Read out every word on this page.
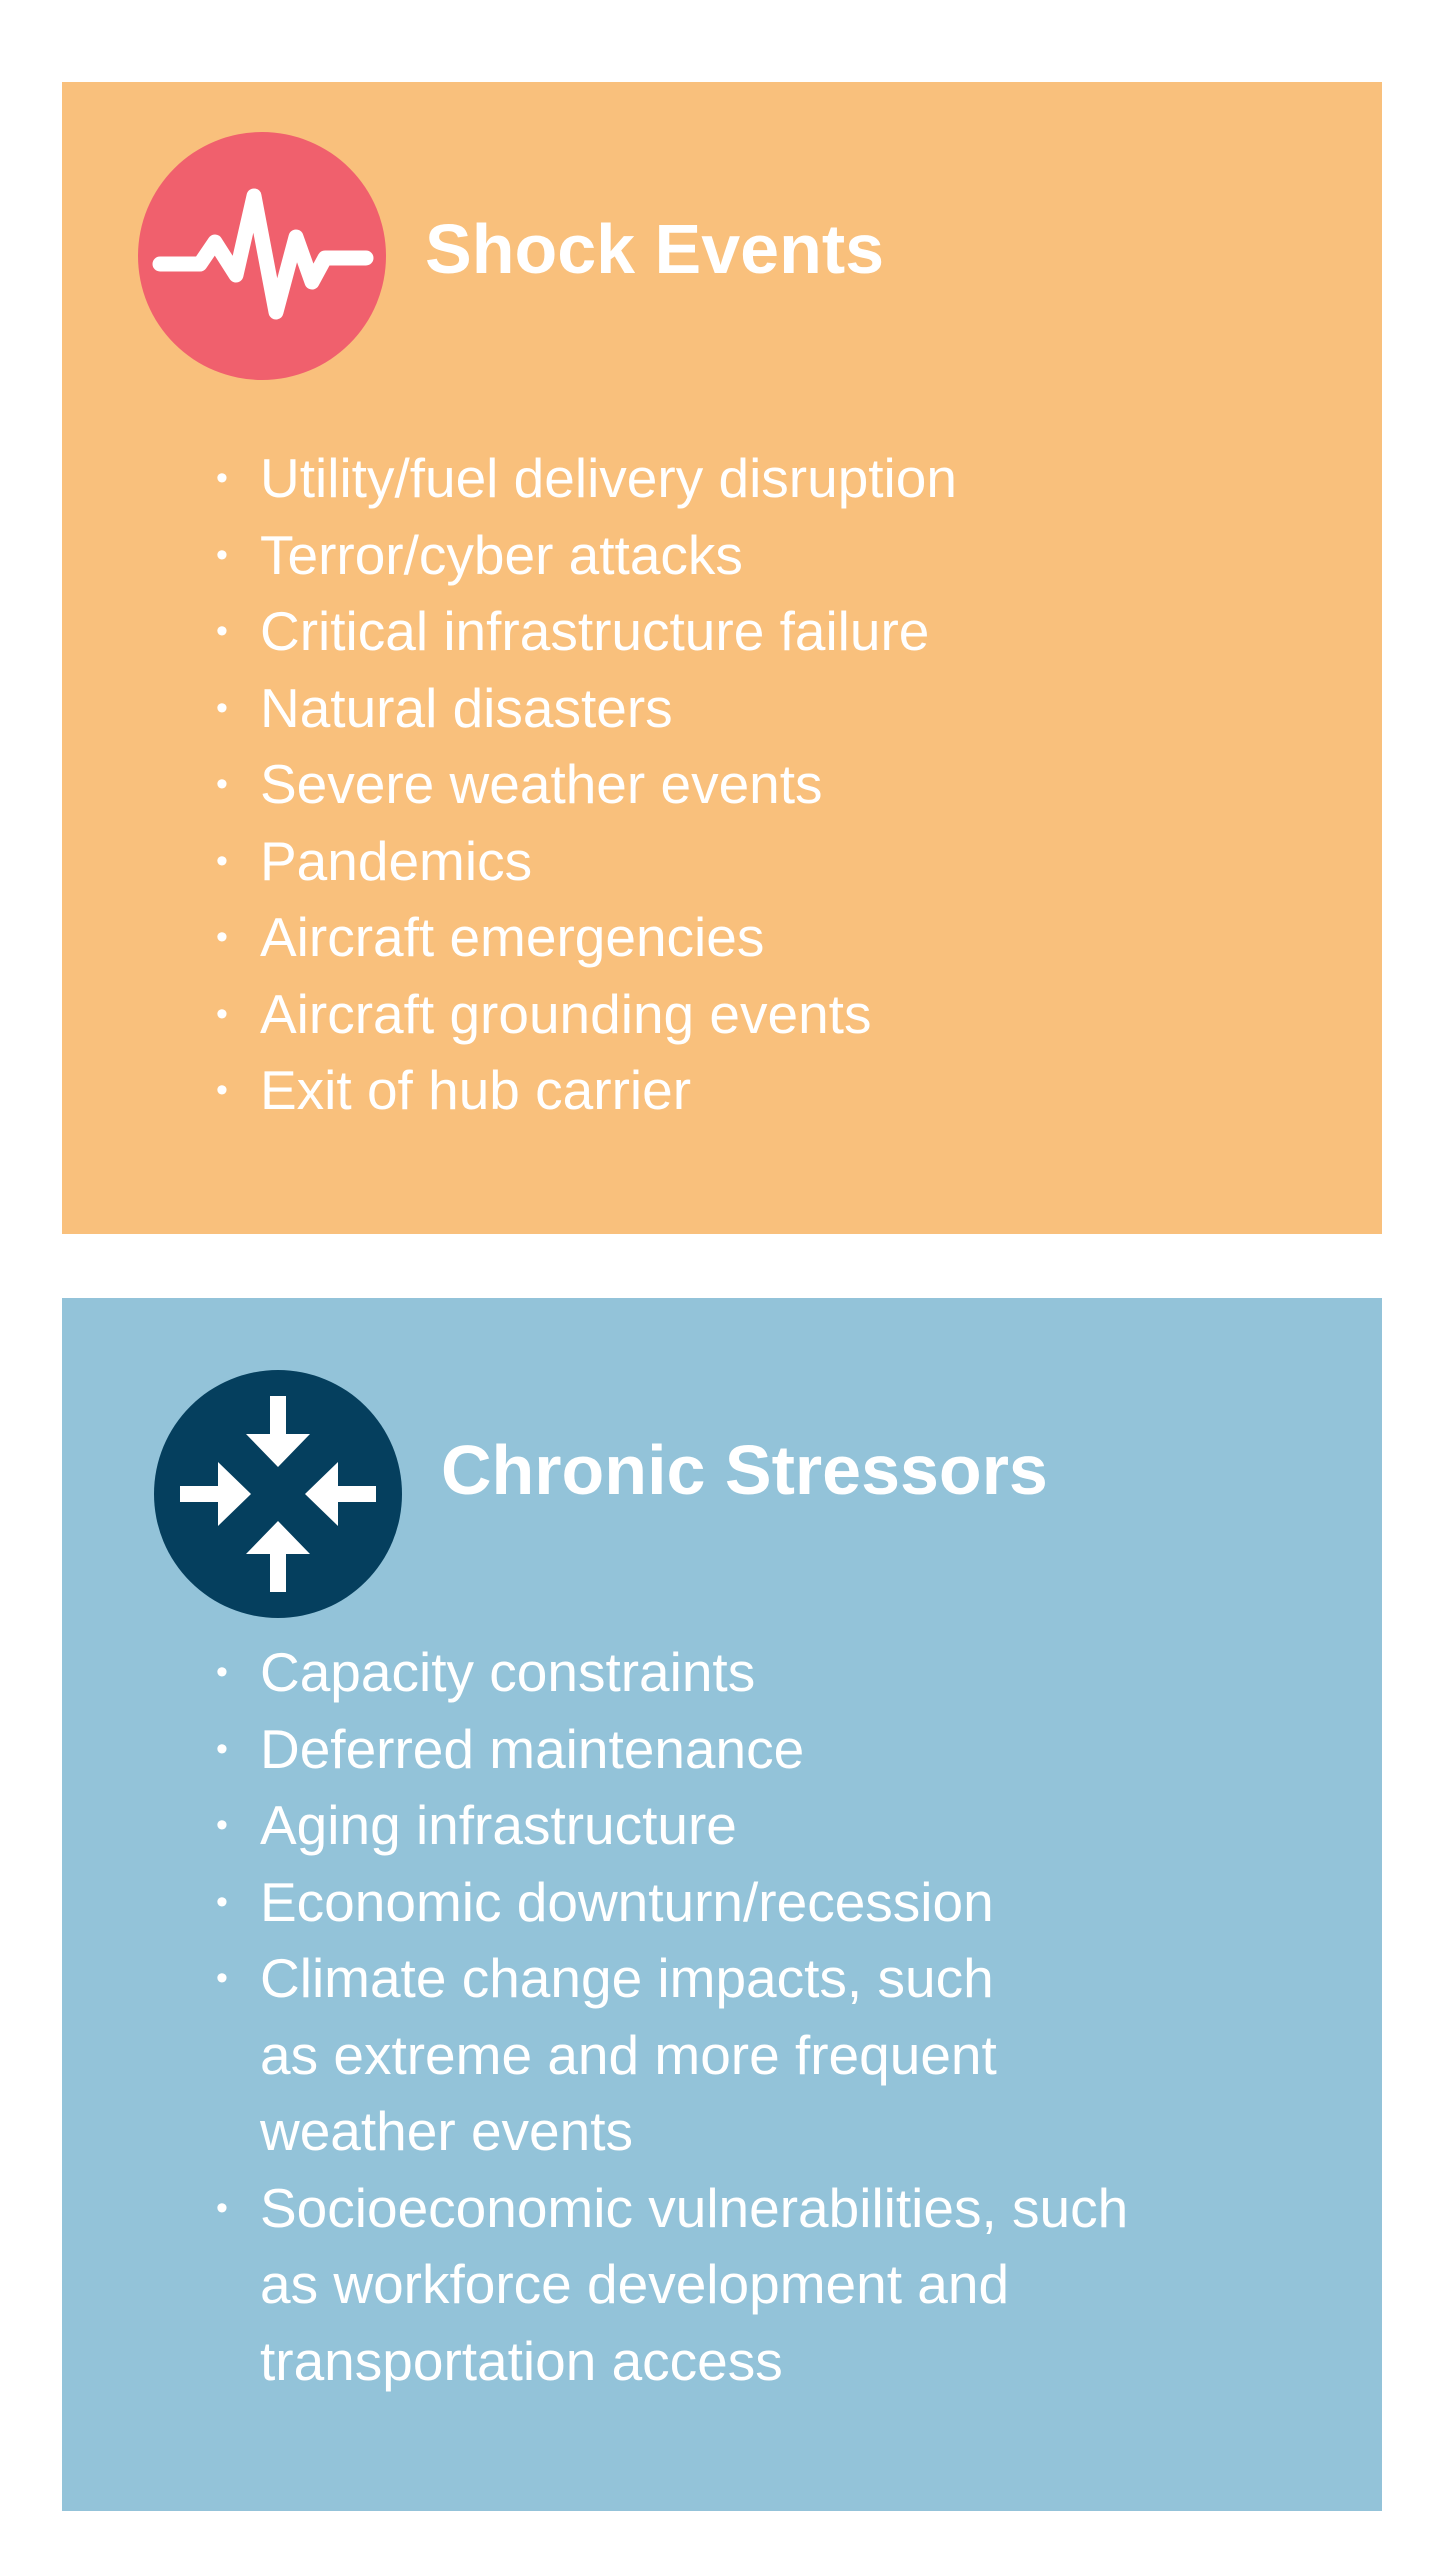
Shock Events
• Utility/fuel delivery disruption
• Terror/cyber attacks
• Critical infrastructure failure
• Natural disasters
• Severe weather events
• Pandemics
• Aircraft emergencies
• Aircraft grounding events
• Exit of hub carrier
Chronic Stressors
• Capacity constraints
• Deferred maintenance
• Aging infrastructure
• Economic downturn/recession
• Climate change impacts, such
as extreme and more frequent
weather events
• Socioeconomic vulnerabilities, such
as workforce development and
transportation access
